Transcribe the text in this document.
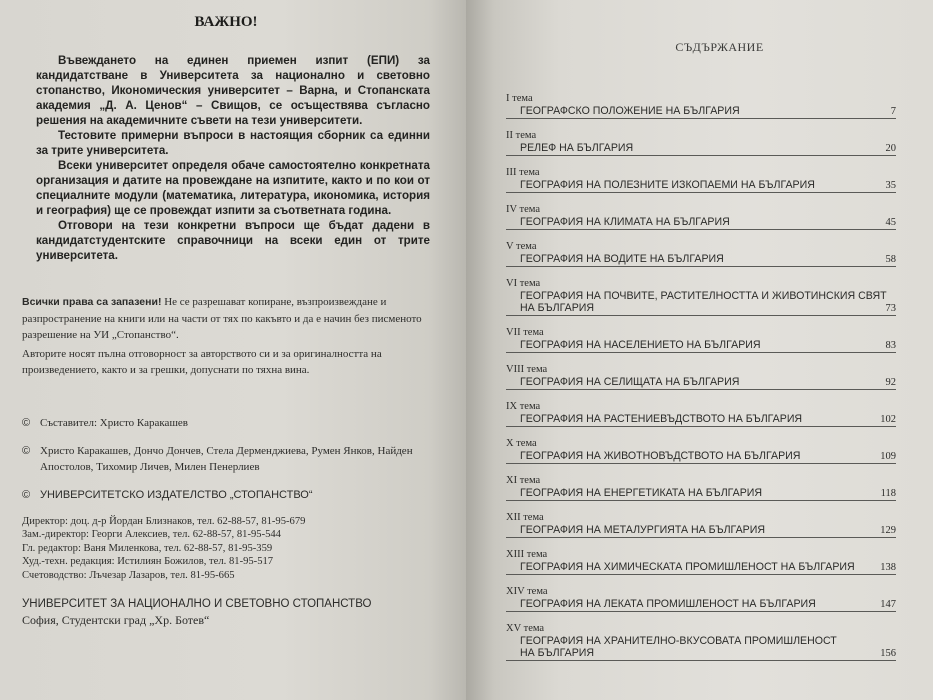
ВАЖНО!

Въвеждането на единен приемен изпит (ЕПИ) за кандидатстване в Университета за национално и световно стопанство, Икономическия университет – Варна, и Стопанската академия „Д. А. Ценов“ – Свищов, се осъществява съгласно решения на академичните съвети на тези университети.

Тестовите примерни въпроси в настоящия сборник са единни за трите университета.

Всеки университет определя обаче самостоятелно конкретната организация и датите на провеждане на изпитите, както и по кои от специалните модули (математика, литература, икономика, история и география) ще се провеждат изпити за съответната година.

Отговори на тези конкретни въпроси ще бъдат дадени в кандидатстудентските справочници на всеки един от трите университета.

Всички права са запазени! Не се разрешават копиране, възпроизвеждане и разпространение на книги или на части от тях по какъвто и да е начин без писменото разрешение на УИ „Стопанство“.

Авторите носят пълна отговорност за авторството си и за оригиналността на произведението, както и за грешки, допуснати по тяхна вина.

© Съставител: Христо Каракашев
© Христо Каракашев, Дончо Дончев, Стела Дерменджиева, Румен Янков, Найден Апостолов, Тихомир Личев, Милен Пенерлиев
© УНИВЕРСИТЕТСКО ИЗДАТЕЛСТВО „СТОПАНСТВО“
Директор: доц. д-р Йордан Близнаков, тел. 62-88-57, 81-95-679
Зам.-директор: Георги Алексиев, тел. 62-88-57, 81-95-544
Гл. редактор: Ваня Миленкова, тел. 62-88-57, 81-95-359
Худ.-техн. редакция: Истилиян Божилов, тел. 81-95-517
Счетоводство: Лъчезар Лазаров, тел. 81-95-665
УНИВЕРСИТЕТ ЗА НАЦИОНАЛНО И СВЕТОВНО СТОПАНСТВО
София, Студентски град „Хр. Ботев“
СЪДЪРЖАНИЕ
I тема
ГЕОГРАФСКО ПОЛОЖЕНИЕ НА БЪЛГАРИЯ	7
II тема
РЕЛЕФ НА БЪЛГАРИЯ	20
III тема
ГЕОГРАФИЯ НА ПОЛЕЗНИТЕ ИЗКОПАЕМИ НА БЪЛГАРИЯ	35
IV тема
ГЕОГРАФИЯ НА КЛИМАТА НА БЪЛГАРИЯ	45
V тема
ГЕОГРАФИЯ НА ВОДИТЕ НА БЪЛГАРИЯ	58
VI тема
ГЕОГРАФИЯ НА ПОЧВИТЕ, РАСТИТЕЛНОСТТА И ЖИВОТИНСКИЯ СВЯТ
НА БЪЛГАРИЯ	73
VII тема
ГЕОГРАФИЯ НА НАСЕЛЕНИЕТО НА БЪЛГАРИЯ	83
VIII тема
ГЕОГРАФИЯ НА СЕЛИЩАТА НА БЪЛГАРИЯ	92
IX тема
ГЕОГРАФИЯ НА РАСТЕНИЕВЪДСТВОТО НА БЪЛГАРИЯ	102
X тема
ГЕОГРАФИЯ НА ЖИВОТНОВЪДСТВОТО НА БЪЛГАРИЯ	109
XI тема
ГЕОГРАФИЯ НА ЕНЕРГЕТИКАТА НА БЪЛГАРИЯ	118
XII тема
ГЕОГРАФИЯ НА МЕТАЛУРГИЯТА НА БЪЛГАРИЯ	129
XIII тема
ГЕОГРАФИЯ НА ХИМИЧЕСКАТА ПРОМИШЛЕНОСТ НА БЪЛГАРИЯ	138
XIV тема
ГЕОГРАФИЯ НА ЛЕКАТА ПРОМИШЛЕНОСТ НА БЪЛГАРИЯ	147
XV тема
ГЕОГРАФИЯ НА ХРАНИТЕЛНО-ВКУСОВАТА ПРОМИШЛЕНОСТ
НА БЪЛГАРИЯ	156
